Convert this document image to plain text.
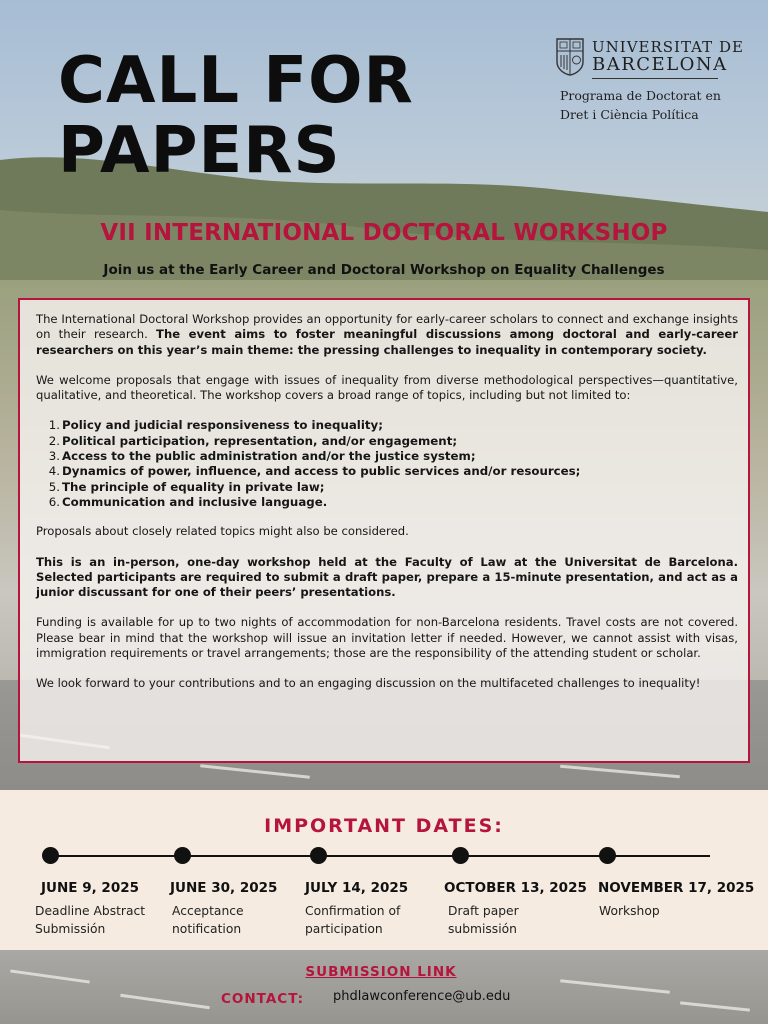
CALL FOR
PAPERS
UNIVERSITAT DE
BARCELONA
Programa de Doctorat en
Dret i Ciència Política
VII INTERNATIONAL DOCTORAL WORKSHOP
Join us at the Early Career and Doctoral Workshop on Equality Challenges

The International Doctoral Workshop provides an opportunity for early-career scholars to connect and exchange insights on their research. The event aims to foster meaningful discussions among doctoral and early-career researchers on this year’s main theme: the pressing challenges to inequality in contemporary society.

We welcome proposals that engage with issues of inequality from diverse methodological perspectives—quantitative, qualitative, and theoretical. The workshop covers a broad range of topics, including but not limited to:

1. Policy and judicial responsiveness to inequality;
2. Political participation, representation, and/or engagement;
3. Access to the public administration and/or the justice system;
4. Dynamics of power, influence, and access to public services and/or resources;
5. The principle of equality in private law;
6. Communication and inclusive language.

Proposals about closely related topics might also be considered.

This is an in-person, one-day workshop held at the Faculty of Law at the Universitat de Barcelona. Selected participants are required to submit a draft paper, prepare a 15-minute presentation, and act as a junior discussant for one of their peers’ presentations.

Funding is available for up to two nights of accommodation for non-Barcelona residents. Travel costs are not covered. Please bear in mind that the workshop will issue an invitation letter if needed. However, we cannot assist with visas, immigration requirements or travel arrangements; those are the responsibility of the attending student or scholar.

We look forward to your contributions and to an engaging discussion on the multifaceted challenges to inequality!

IMPORTANT DATES:
JUNE 9, 2025 JUNE 30, 2025 JULY 14, 2025	OCTOBER 13, 2025 NOVEMBER 17, 2025
Deadline Abstract
Submissión
Acceptance
notification
Confirmation of
participation
Draft paper
submissión
Workshop
SUBMISSION LINK
CONTACT: phdlawconference@ub.edu
